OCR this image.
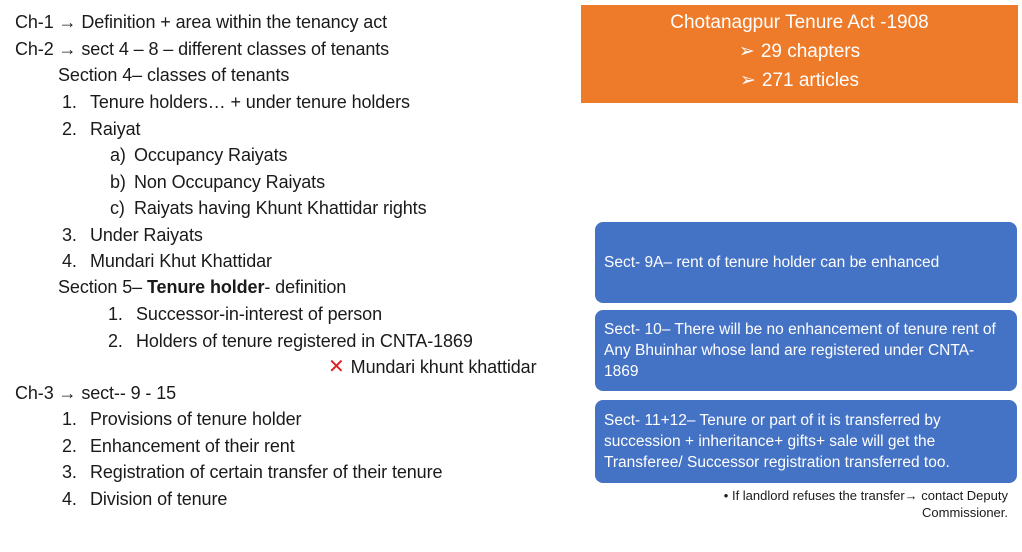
Ch-1 → Definition + area within the tenancy act
Ch-2 → sect 4 – 8 – different classes of tenants
Section 4– classes of tenants
1. Tenure holders… + under tenure holders
2. Raiyat
a) Occupancy Raiyats
b) Non Occupancy Raiyats
c) Raiyats having Khunt Khattidar rights
3. Under Raiyats
4. Mundari Khut Khattidar
Section 5– Tenure holder- definition
1. Successor-in-interest of person
2. Holders of tenure registered in CNTA-1869
✕ Mundari khunt khattidar
Ch-3 → sect-- 9 - 15
1. Provisions of tenure holder
2. Enhancement of their rent
3. Registration of certain transfer of their tenure
4. Division of tenure
Chotanagpur Tenure Act -1908
➢ 29 chapters
➢ 271 articles
Sect- 9A– rent of tenure holder can be enhanced
Sect- 10– There will be no enhancement of tenure rent of Any Bhuinhar whose land are registered under CNTA-1869
Sect- 11+12– Tenure or part of it is transferred by succession + inheritance+ gifts+ sale will get the Transferee/ Successor registration transferred too.
• If landlord refuses the transfer→ contact Deputy
Commissioner.
